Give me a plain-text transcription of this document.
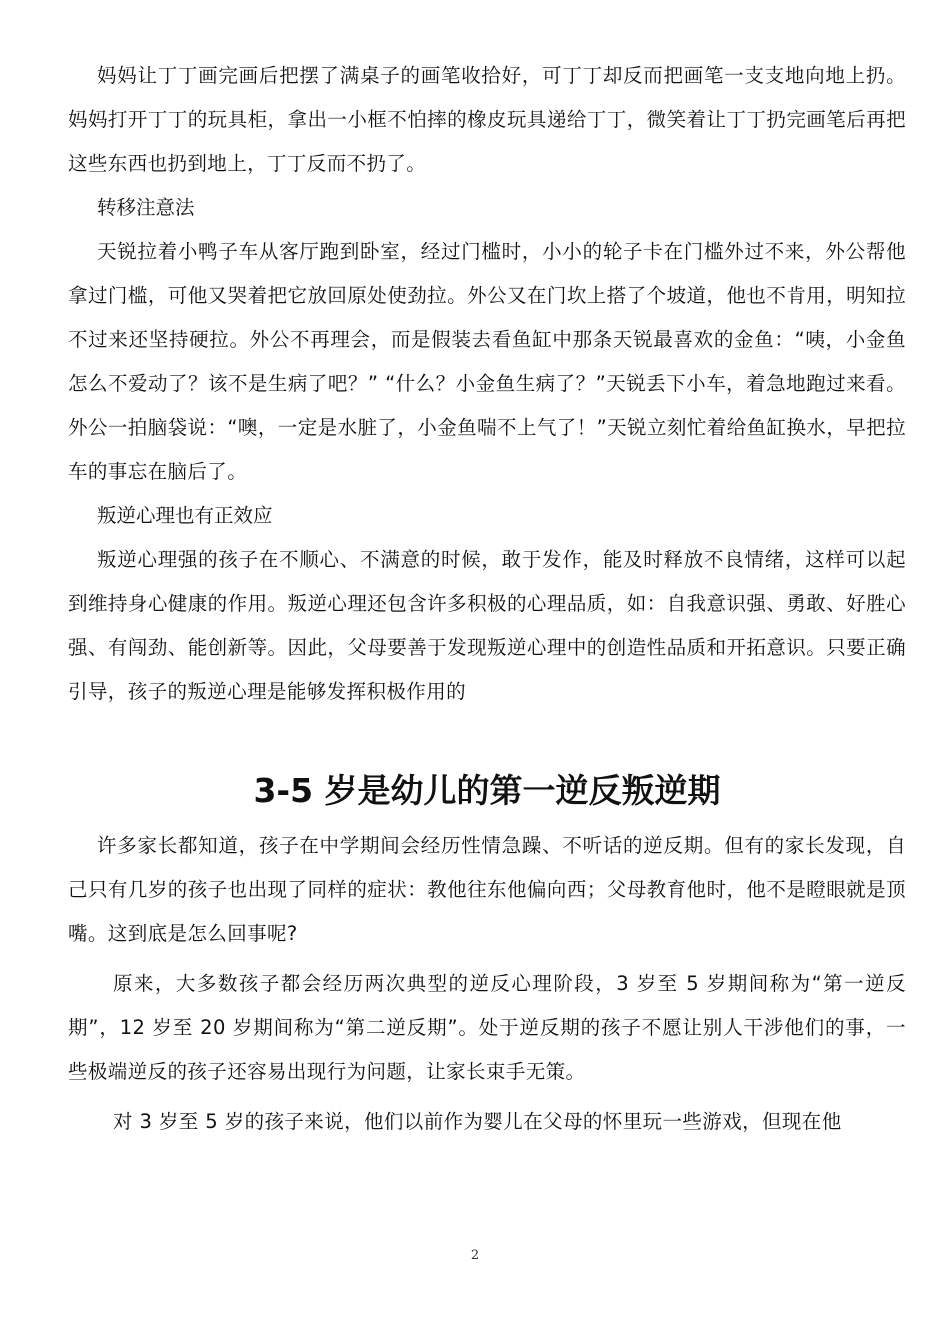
妈妈让丁丁画完画后把摆了满桌子的画笔收拾好，可丁丁却反而把画笔一支支地向地上扔。妈妈打开丁丁的玩具柜，拿出一小框不怕摔的橡皮玩具递给丁丁，微笑着让丁丁扔完画笔后再把这些东西也扔到地上，丁丁反而不扔了。

转移注意法

天锐拉着小鸭子车从客厅跑到卧室，经过门槛时，小小的轮子卡在门槛外过不来，外公帮他拿过门槛，可他又哭着把它放回原处使劲拉。外公又在门坎上搭了个坡道，他也不肯用，明知拉不过来还坚持硬拉。外公不再理会，而是假装去看鱼缸中那条天锐最喜欢的金鱼：“咦，小金鱼怎么不爱动了？该不是生病了吧？” “什么？小金鱼生病了？”天锐丢下小车，着急地跑过来看。外公一拍脑袋说：“噢，一定是水脏了，小金鱼喘不上气了！”天锐立刻忙着给鱼缸换水，早把拉车的事忘在脑后了。

叛逆心理也有正效应

叛逆心理强的孩子在不顺心、不满意的时候，敢于发作，能及时释放不良情绪，这样可以起到维持身心健康的作用。叛逆心理还包含许多积极的心理品质，如：自我意识强、勇敢、好胜心强、有闯劲、能创新等。因此，父母要善于发现叛逆心理中的创造性品质和开拓意识。只要正确引导，孩子的叛逆心理是能够发挥积极作用的

3-5 岁是幼儿的第一逆反叛逆期

许多家长都知道，孩子在中学期间会经历性情急躁、不听话的逆反期。但有的家长发现，自己只有几岁的孩子也出现了同样的症状：教他往东他偏向西；父母教育他时，他不是瞪眼就是顶嘴。这到底是怎么回事呢?

原来，大多数孩子都会经历两次典型的逆反心理阶段，3 岁至 5 岁期间称为“第一逆反期”，12 岁至 20 岁期间称为“第二逆反期”。处于逆反期的孩子不愿让别人干涉他们的事，一些极端逆反的孩子还容易出现行为问题，让家长束手无策。

对 3 岁至 5 岁的孩子来说，他们以前作为婴儿在父母的怀里玩一些游戏，但现在他

2
